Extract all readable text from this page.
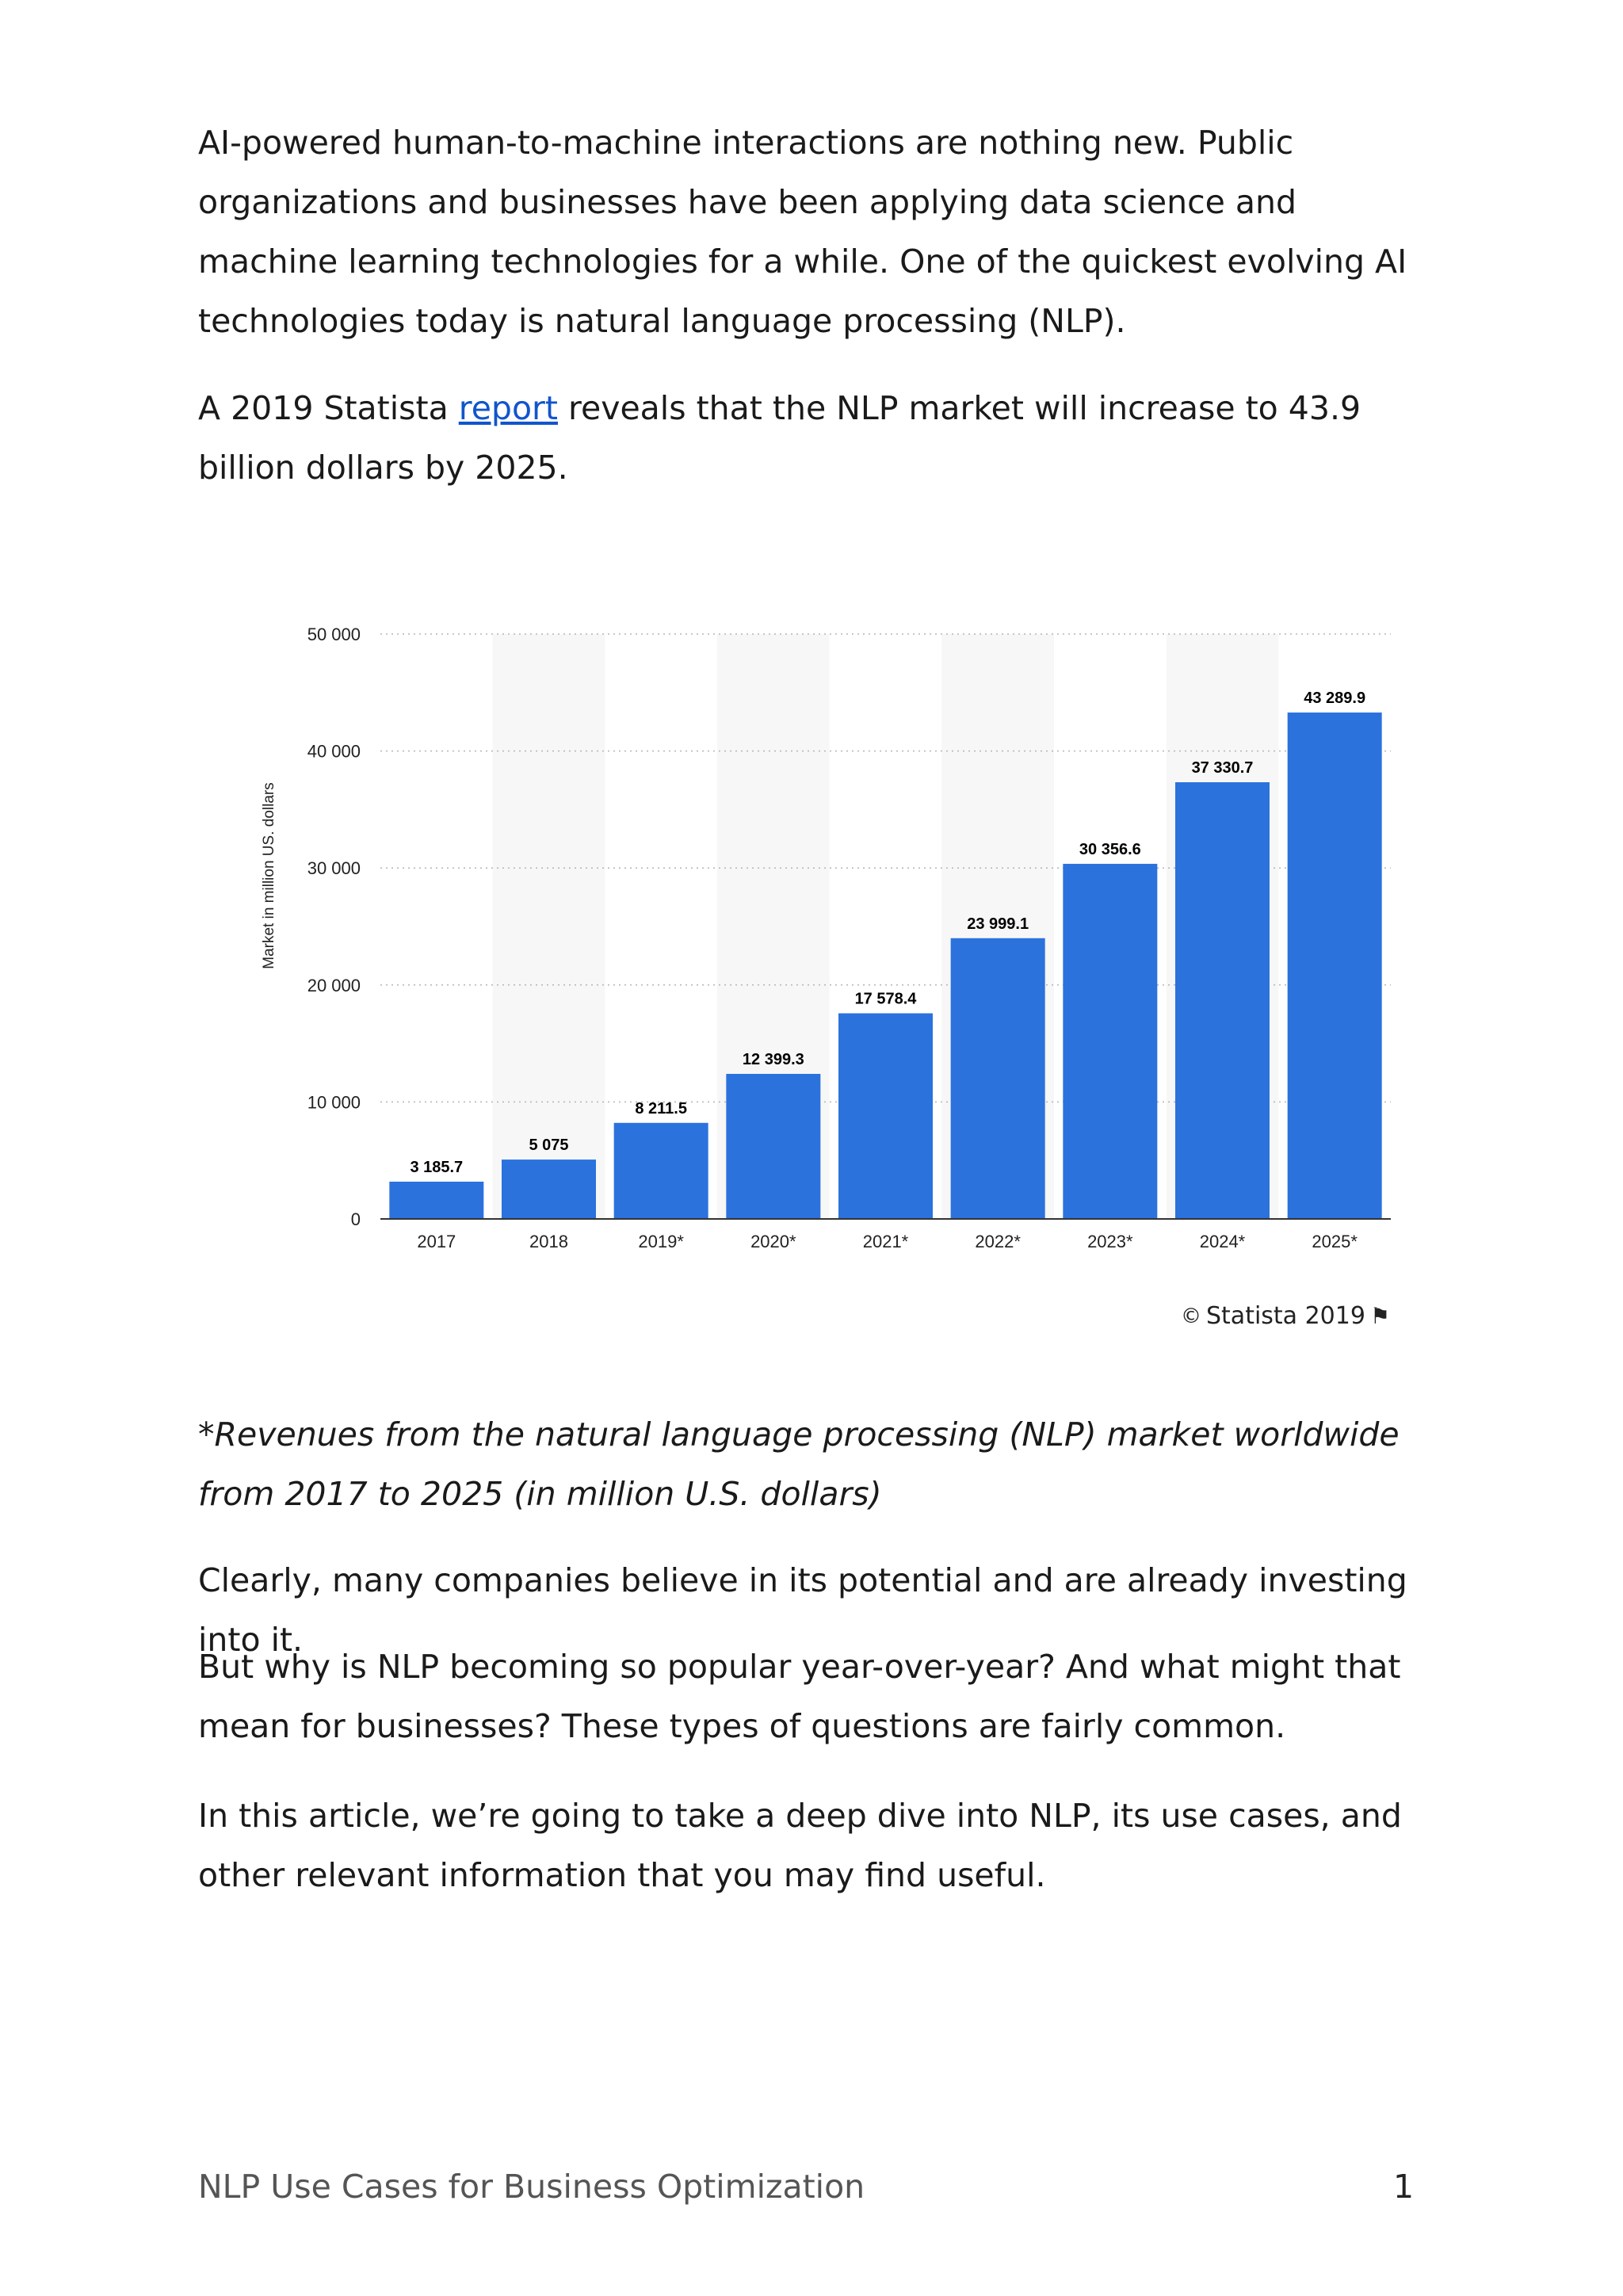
AI-powered human-to-machine interactions are nothing new. Public organizations and businesses have been applying data science and machine learning technologies for a while. One of the quickest evolving AI technologies today is natural language processing (NLP).

A 2019 Statista report reveals that the NLP market will increase to 43.9 billion dollars by 2025.

3 185.7
5 075
8 211.5
12 399.3
17 578.4
23 999.1
30 356.6
37 330.7
43 289.9
2017	2018	2019*	2020*	2021*	2022*	2023*	2024*	2025*
0
10 000
20 000
30 000
40 000
50 000
Market in million US. dollars
© Statista 2019 ⚑

*Revenues from the natural language processing (NLP) market worldwide from 2017 to 2025 (in million U.S. dollars)

Clearly, many companies believe in its potential and are already investing into it.

But why is NLP becoming so popular year-over-year? And what might that mean for businesses? These types of questions are fairly common.

In this article, we’re going to take a deep dive into NLP, its use cases, and other relevant information that you may find useful.

NLP Use Cases for Business Optimization	1
